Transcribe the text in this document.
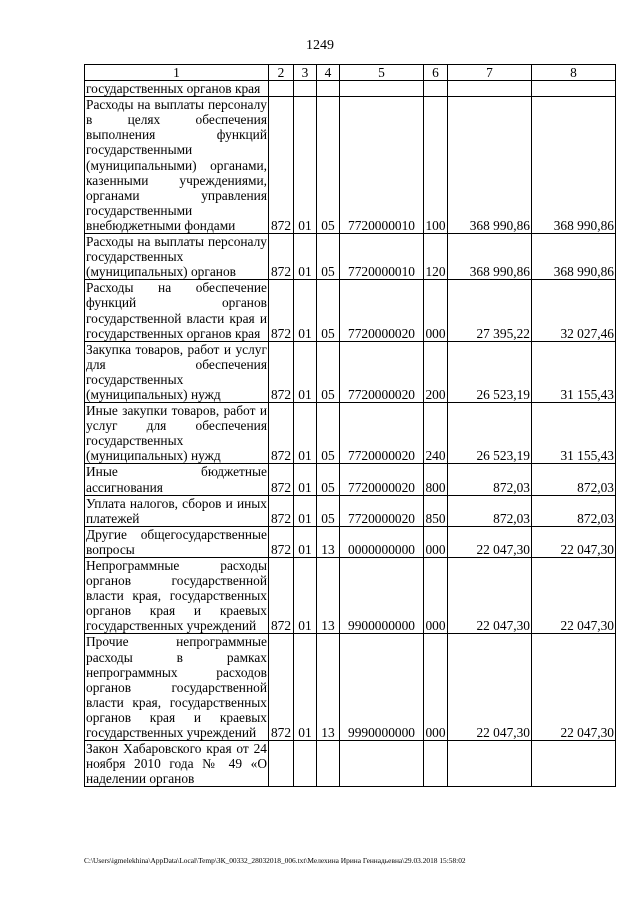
1249
1	2	3	4	5	6	7	8
государственных органов края							
Расходы на выплаты персоналу в целях обеспечения выполнения функций государственными (муниципальными) органами, казенными учреждениями, органами управления государственными внебюджетными фондами	872	01	05	7720000010	100	368 990,86	368 990,86
Расходы на выплаты персоналу государственных (муниципальных) органов	872	01	05	7720000010	120	368 990,86	368 990,86
Расходы на обеспечение функций органов государственной власти края и государственных органов края	872	01	05	7720000020	000	27 395,22	32 027,46
Закупка товаров, работ и услуг для обеспечения государственных (муниципальных) нужд	872	01	05	7720000020	200	26 523,19	31 155,43
Иные закупки товаров, работ и услуг для обеспечения государственных (муниципальных) нужд	872	01	05	7720000020	240	26 523,19	31 155,43
Иные бюджетные ассигнования	872	01	05	7720000020	800	872,03	872,03
Уплата налогов, сборов и иных платежей	872	01	05	7720000020	850	872,03	872,03
Другие общегосударственные вопросы	872	01	13	0000000000	000	22 047,30	22 047,30
Непрограммные расходы органов государственной власти края, государственных органов края и краевых государственных учреждений	872	01	13	9900000000	000	22 047,30	22 047,30
Прочие непрограммные расходы в рамках непрограммных расходов органов государственной власти края, государственных органов края и краевых государственных учреждений	872	01	13	9990000000	000	22 047,30	22 047,30
Закон Хабаровского края от 24 ноября 2010 года № 49 «О наделении органов							
C:\Users\igmelekhina\AppData\Local\Temp\ЗК_00332_28032018_006.txt\Мелехина Ирина Геннадьевна\29.03.2018 15:58:02
